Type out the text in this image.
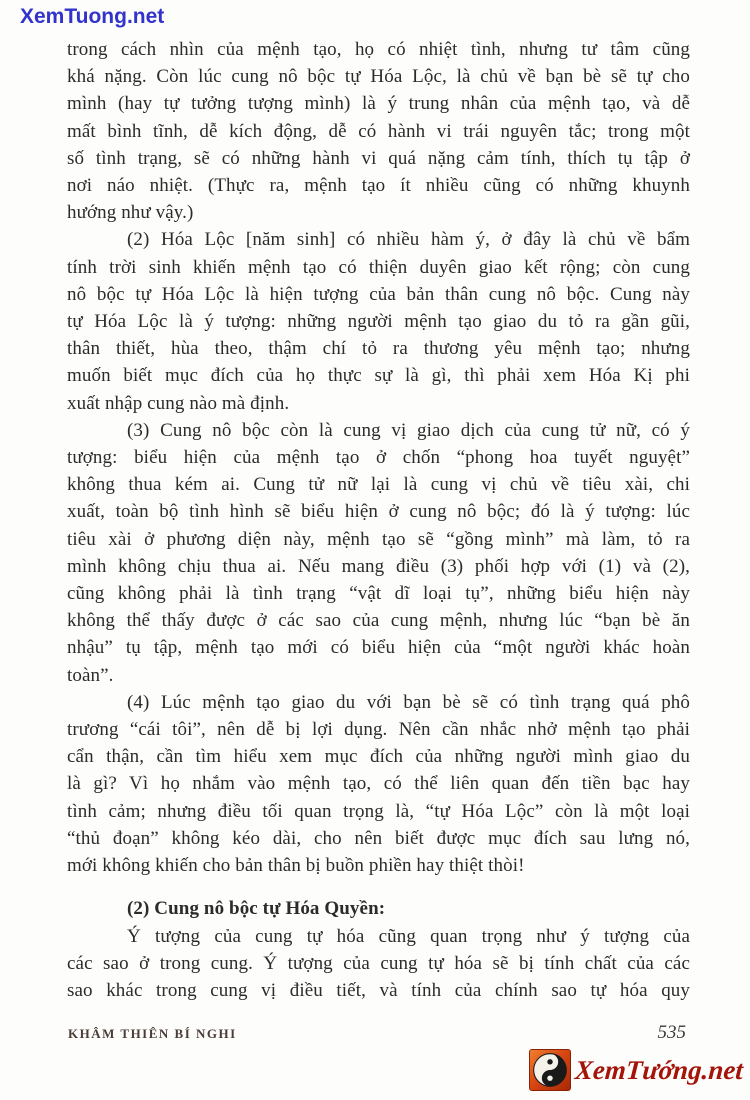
XemTuong.net
trong cách nhìn của mệnh tạo, họ có nhiệt tình, nhưng tư tâm cũng
khá nặng. Còn lúc cung nô bộc tự Hóa Lộc, là chủ về bạn bè sẽ tự cho
mình (hay tự tưởng tượng mình) là ý trung nhân của mệnh tạo, và dễ
mất bình tĩnh, dễ kích động, dễ có hành vi trái nguyên tắc; trong một
số tình trạng, sẽ có những hành vi quá nặng cảm tính, thích tụ tập ở
nơi náo nhiệt. (Thực ra, mệnh tạo ít nhiều cũng có những khuynh
hướng như vậy.)
(2) Hóa Lộc [năm sinh] có nhiều hàm ý, ở đây là chủ về bẩm
tính trời sinh khiến mệnh tạo có thiện duyên giao kết rộng; còn cung
nô bộc tự Hóa Lộc là hiện tượng của bản thân cung nô bộc. Cung này
tự Hóa Lộc là ý tượng: những người mệnh tạo giao du tỏ ra gần gũi,
thân thiết, hùa theo, thậm chí tỏ ra thương yêu mệnh tạo; nhưng
muốn biết mục đích của họ thực sự là gì, thì phải xem Hóa Kị phi
xuất nhập cung nào mà định.
(3) Cung nô bộc còn là cung vị giao dịch của cung tử nữ, có ý
tượng: biểu hiện của mệnh tạo ở chốn “phong hoa tuyết nguyệt”
không thua kém ai. Cung tử nữ lại là cung vị chủ về tiêu xài, chi
xuất, toàn bộ tình hình sẽ biểu hiện ở cung nô bộc; đó là ý tượng: lúc
tiêu xài ở phương diện này, mệnh tạo sẽ “gồng mình” mà làm, tỏ ra
mình không chịu thua ai. Nếu mang điều (3) phối hợp với (1) và (2),
cũng không phải là tình trạng “vật dĩ loại tụ”, những biểu hiện này
không thể thấy được ở các sao của cung mệnh, nhưng lúc “bạn bè ăn
nhậu” tụ tập, mệnh tạo mới có biểu hiện của “một người khác hoàn
toàn”.
(4) Lúc mệnh tạo giao du với bạn bè sẽ có tình trạng quá phô
trương “cái tôi”, nên dễ bị lợi dụng. Nên cần nhắc nhở mệnh tạo phải
cẩn thận, cần tìm hiểu xem mục đích của những người mình giao du
là gì? Vì họ nhắm vào mệnh tạo, có thể liên quan đến tiền bạc hay
tình cảm; nhưng điều tối quan trọng là, “tự Hóa Lộc” còn là một loại
“thủ đoạn” không kéo dài, cho nên biết được mục đích sau lưng nó,
mới không khiến cho bản thân bị buồn phiền hay thiệt thòi!
(2) Cung nô bộc tự Hóa Quyền:
Ý tượng của cung tự hóa cũng quan trọng như ý tượng của
các sao ở trong cung. Ý tượng của cung tự hóa sẽ bị tính chất của các
sao khác trong cung vị điều tiết, và tính của chính sao tự hóa quy
KHÂM THIÊN BÍ NGHI	535
XemTướng.net
